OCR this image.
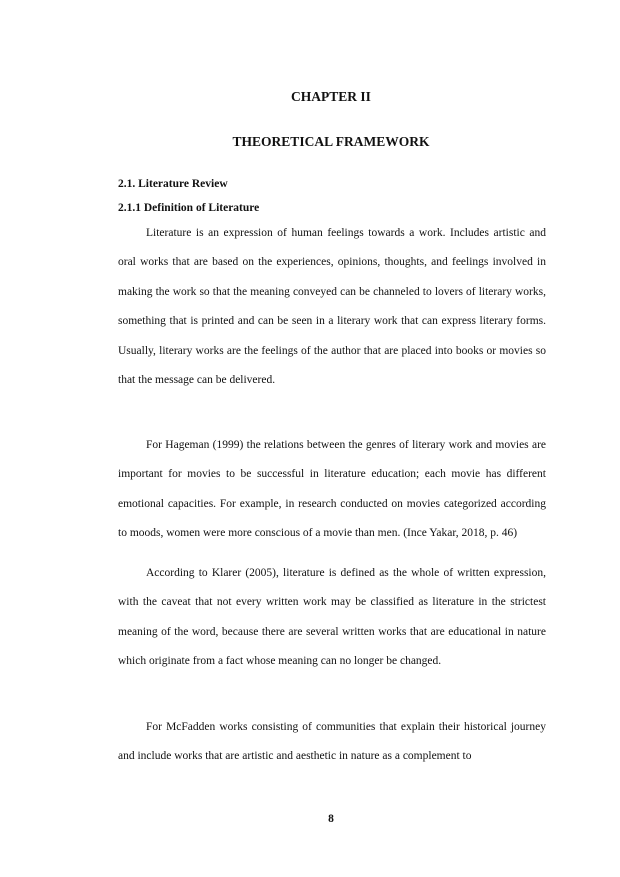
CHAPTER II
THEORETICAL FRAMEWORK
2.1. Literature Review
2.1.1 Definition of Literature

Literature is an expression of human feelings towards a work. Includes artistic and oral works that are based on the experiences, opinions, thoughts, and feelings involved in making the work so that the meaning conveyed can be channeled to lovers of literary works, something that is printed and can be seen in a literary work that can express literary forms. Usually, literary works are the feelings of the author that are placed into books or movies so that the message can be delivered.

For Hageman (1999) the relations between the genres of literary work and movies are important for movies to be successful in literature education; each movie has different emotional capacities. For example, in research conducted on movies categorized according to moods, women were more conscious of a movie than men. (Ince Yakar, 2018, p. 46)

According to Klarer (2005), literature is defined as the whole of written expression, with the caveat that not every written work may be classified as literature in the strictest meaning of the word, because there are several written works that are educational in nature which originate from a fact whose meaning can no longer be changed.

For McFadden works consisting of communities that explain their historical journey and include works that are artistic and aesthetic in nature as a complement to

8
